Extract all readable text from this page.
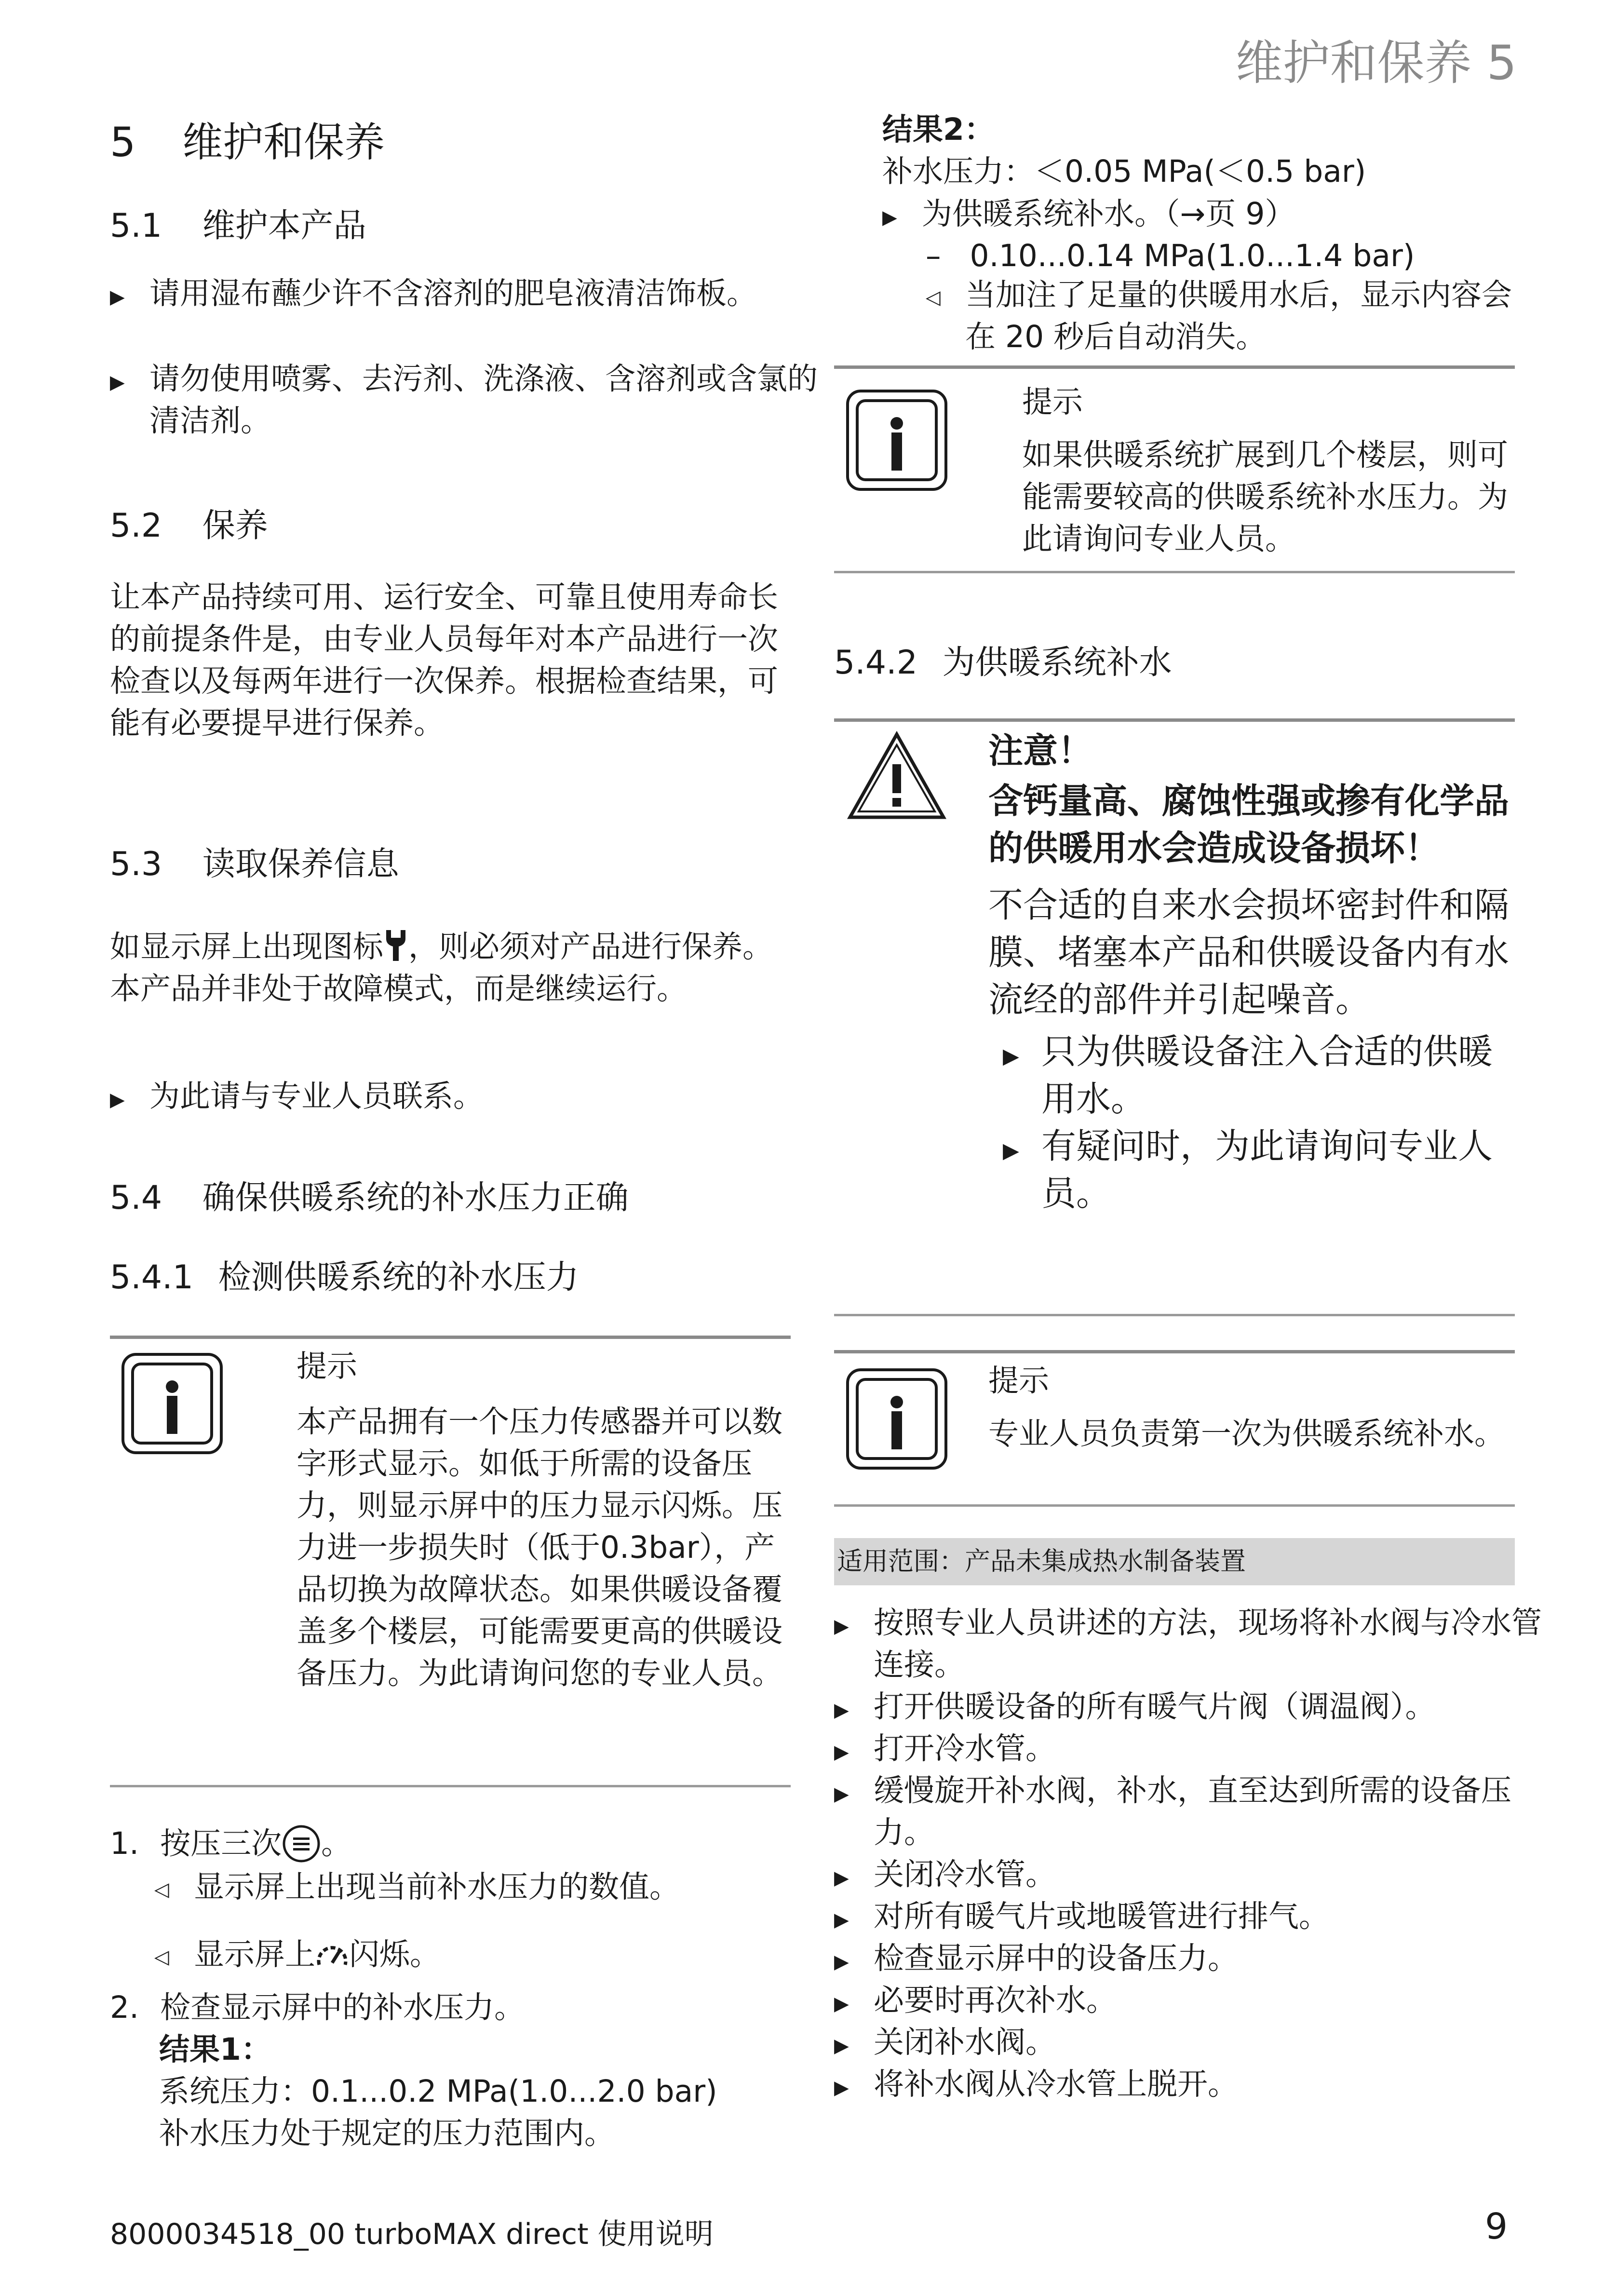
维护和保养 5
5 维护和保养
5.1 维护本产品
▶ 请用湿布蘸少许不含溶剂的肥皂液清洁饰板。
▶ 请勿使用喷雾、去污剂、洗涤液、含溶剂或含氯的清洁剂。
5.2 保养
让本产品持续可用、运行安全、可靠且使用寿命长的前提条件是，由专业人员每年对本产品进行一次检查以及每两年进行一次保养。根据检查结果，可能有必要提早进行保养。
5.3 读取保养信息
如显示屏上出现图标 ，则必须对产品进行保养。本产品并非处于故障模式，而是继续运行。
▶ 为此请与专业人员联系。
5.4 确保供暖系统的补水压力正确
5.4.1 检测供暖系统的补水压力
提示
本产品拥有一个压力传感器并可以数字形式显示。如低于所需的设备压力，则显示屏中的压力显示闪烁。压力进一步损失时（低于0.3bar），产品切换为故障状态。如果供暖设备覆盖多个楼层，可能需要更高的供暖设备压力。为此请询问您的专业人员。
1. 按压三次 。
◁ 显示屏上出现当前补水压力的数值。
◁ 显示屏上 闪烁。
2. 检查显示屏中的补水压力。
结果1：
系统压力：0.1...0.2 MPa(1.0...2.0 bar)
补水压力处于规定的压力范围内。
结果2：
补水压力：＜0.05 MPa(＜0.5 bar)
▶ 为供暖系统补水。（→页 9）
– 0.10...0.14 MPa(1.0...1.4 bar)
◁ 当加注了足量的供暖用水后，显示内容会在 20 秒后自动消失。
提示
如果供暖系统扩展到几个楼层，则可能需要较高的供暖系统补水压力。为此请询问专业人员。
5.4.2 为供暖系统补水
注意！
含钙量高、腐蚀性强或掺有化学品的供暖用水会造成设备损坏！
不合适的自来水会损坏密封件和隔膜、堵塞本产品和供暖设备内有水流经的部件并引起噪音。
▶ 只为供暖设备注入合适的供暖用水。
▶ 有疑问时，为此请询问专业人员。
提示
专业人员负责第一次为供暖系统补水。
适用范围：产品未集成热水制备装置
▶ 按照专业人员讲述的方法，现场将补水阀与冷水管连接。
▶ 打开供暖设备的所有暖气片阀（调温阀）。
▶ 打开冷水管。
▶ 缓慢旋开补水阀，补水，直至达到所需的设备压力。
▶ 关闭冷水管。
▶ 对所有暖气片或地暖管进行排气。
▶ 检查显示屏中的设备压力。
▶ 必要时再次补水。
▶ 关闭补水阀。
▶ 将补水阀从冷水管上脱开。
8000034518_00 turboMAX direct 使用说明	9
